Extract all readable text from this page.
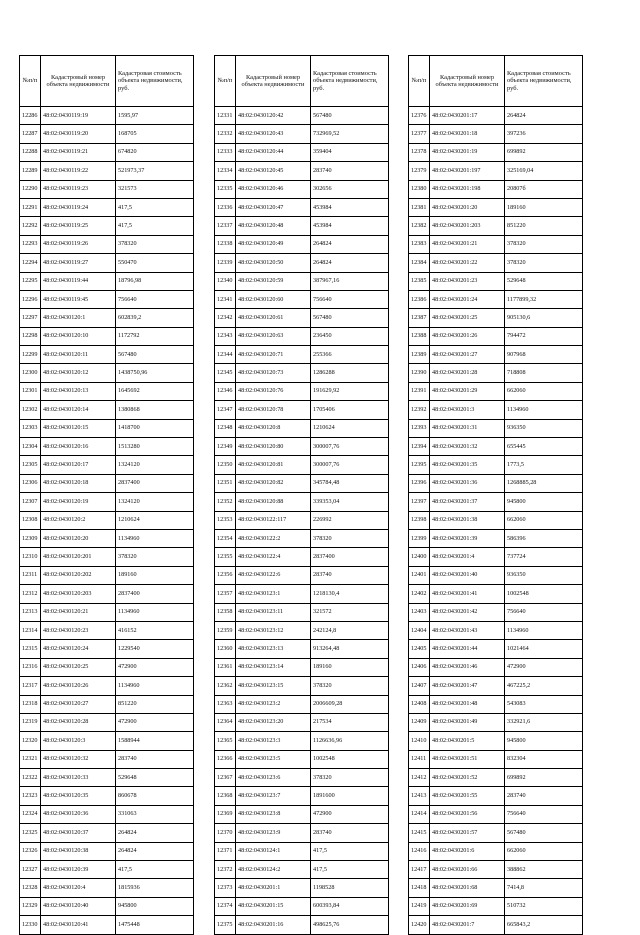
№п/п	Кадастровый номер объекта недвижимости	Кадастровая стоимость объекта недвижимости, руб.
12286	48:02:0430119:19	1595,97
12287	48:02:0430119:20	168705
12288	48:02:0430119:21	674820
12289	48:02:0430119:22	521973,37
12290	48:02:0430119:23	321573
12291	48:02:0430119:24	417,5
12292	48:02:0430119:25	417,5
12293	48:02:0430119:26	378320
12294	48:02:0430119:27	550470
12295	48:02:0430119:44	18796,98
12296	48:02:0430119:45	756640
12297	48:02:0430120:1	602839,2
12298	48:02:0430120:10	1172792
12299	48:02:0430120:11	567480
12300	48:02:0430120:12	1438750,96
12301	48:02:0430120:13	1645692
12302	48:02:0430120:14	1380868
12303	48:02:0430120:15	1418700
12304	48:02:0430120:16	1513280
12305	48:02:0430120:17	1324120
12306	48:02:0430120:18	2837400
12307	48:02:0430120:19	1324120
12308	48:02:0430120:2	1210624
12309	48:02:0430120:20	1134960
12310	48:02:0430120:201	378320
12311	48:02:0430120:202	189160
12312	48:02:0430120:203	2837400
12313	48:02:0430120:21	1134960
12314	48:02:0430120:23	416152
12315	48:02:0430120:24	1229540
12316	48:02:0430120:25	472900
12317	48:02:0430120:26	1134960
12318	48:02:0430120:27	851220
12319	48:02:0430120:28	472900
12320	48:02:0430120:3	1588944
12321	48:02:0430120:32	283740
12322	48:02:0430120:33	529648
12323	48:02:0430120:35	860678
12324	48:02:0430120:36	331063
12325	48:02:0430120:37	264824
12326	48:02:0430120:38	264824
12327	48:02:0430120:39	417,5
12328	48:02:0430120:4	1815936
12329	48:02:0430120:40	945800
12330	48:02:0430120:41	1475448
№п/п	Кадастровый номер объекта недвижимости	Кадастровая стоимость объекта недвижимости, руб.
12331	48:02:0430120:42	567480
12332	48:02:0430120:43	732969,52
12333	48:02:0430120:44	359404
12334	48:02:0430120:45	283740
12335	48:02:0430120:46	302656
12336	48:02:0430120:47	453984
12337	48:02:0430120:48	453984
12338	48:02:0430120:49	264824
12339	48:02:0430120:50	264824
12340	48:02:0430120:59	387967,16
12341	48:02:0430120:60	756640
12342	48:02:0430120:61	567480
12343	48:02:0430120:63	236450
12344	48:02:0430120:71	255366
12345	48:02:0430120:73	1286288
12346	48:02:0430120:76	191629,92
12347	48:02:0430120:78	1705406
12348	48:02:0430120:8	1210624
12349	48:02:0430120:80	300007,76
12350	48:02:0430120:81	300007,76
12351	48:02:0430120:82	345784,48
12352	48:02:0430120:88	339353,04
12353	48:02:0430122:117	226992
12354	48:02:0430122:2	378320
12355	48:02:0430122:4	2837400
12356	48:02:0430122:6	283740
12357	48:02:0430123:1	1218130,4
12358	48:02:0430123:11	321572
12359	48:02:0430123:12	242124,8
12360	48:02:0430123:13	913264,48
12361	48:02:0430123:14	189160
12362	48:02:0430123:15	378320
12363	48:02:0430123:2	2006609,28
12364	48:02:0430123:20	217534
12365	48:02:0430123:3	1126636,96
12366	48:02:0430123:5	1002548
12367	48:02:0430123:6	378320
12368	48:02:0430123:7	1891600
12369	48:02:0430123:8	472900
12370	48:02:0430123:9	283740
12371	48:02:0430124:1	417,5
12372	48:02:0430124:2	417,5
12373	48:02:0430201:1	1198528
12374	48:02:0430201:15	600393,84
12375	48:02:0430201:16	498625,76
№п/п	Кадастровый номер объекта недвижимости	Кадастровая стоимость объекта недвижимости, руб.
12376	48:02:0430201:17	264824
12377	48:02:0430201:18	397236
12378	48:02:0430201:19	699892
12379	48:02:0430201:197	325169,04
12380	48:02:0430201:198	20807б
12381	48:02:0430201:20	189160
12382	48:02:0430201:203	851220
12383	48:02:0430201:21	378320
12384	48:02:0430201:22	378320
12385	48:02:0430201:23	529648
12386	48:02:0430201:24	1177899,32
12387	48:02:0430201:25	905130,6
12388	48:02:0430201:26	794472
12389	48:02:0430201:27	907968
12390	48:02:0430201:28	718808
12391	48:02:0430201:29	662060
12392	48:02:0430201:3	1134960
12393	48:02:0430201:31	936350
12394	48:02:0430201:32	655445
12395	48:02:0430201:35	1773,5
12396	48:02:0430201:36	1268885,28
12397	48:02:0430201:37	945800
12398	48:02:0430201:38	662060
12399	48:02:0430201:39	586396
12400	48:02:0430201:4	737724
12401	48:02:0430201:40	936350
12402	48:02:0430201:41	1002548
12403	48:02:0430201:42	756640
12404	48:02:0430201:43	1134960
12405	48:02:0430201:44	1021464
12406	48:02:0430201:46	472900
12407	48:02:0430201:47	467225,2
12408	48:02:0430201:48	543083
12409	48:02:0430201:49	332921,6
12410	48:02:0430201:5	945800
12411	48:02:0430201:51	832304
12412	48:02:0430201:52	699892
12413	48:02:0430201:55	283740
12414	48:02:0430201:56	756640
12415	48:02:0430201:57	567480
12416	48:02:0430201:6	662060
12417	48:02:0430201:66	388862
12418	48:02:0430201:68	7414,8
12419	48:02:0430201:69	510732
12420	48:02:0430201:7	665843,2
